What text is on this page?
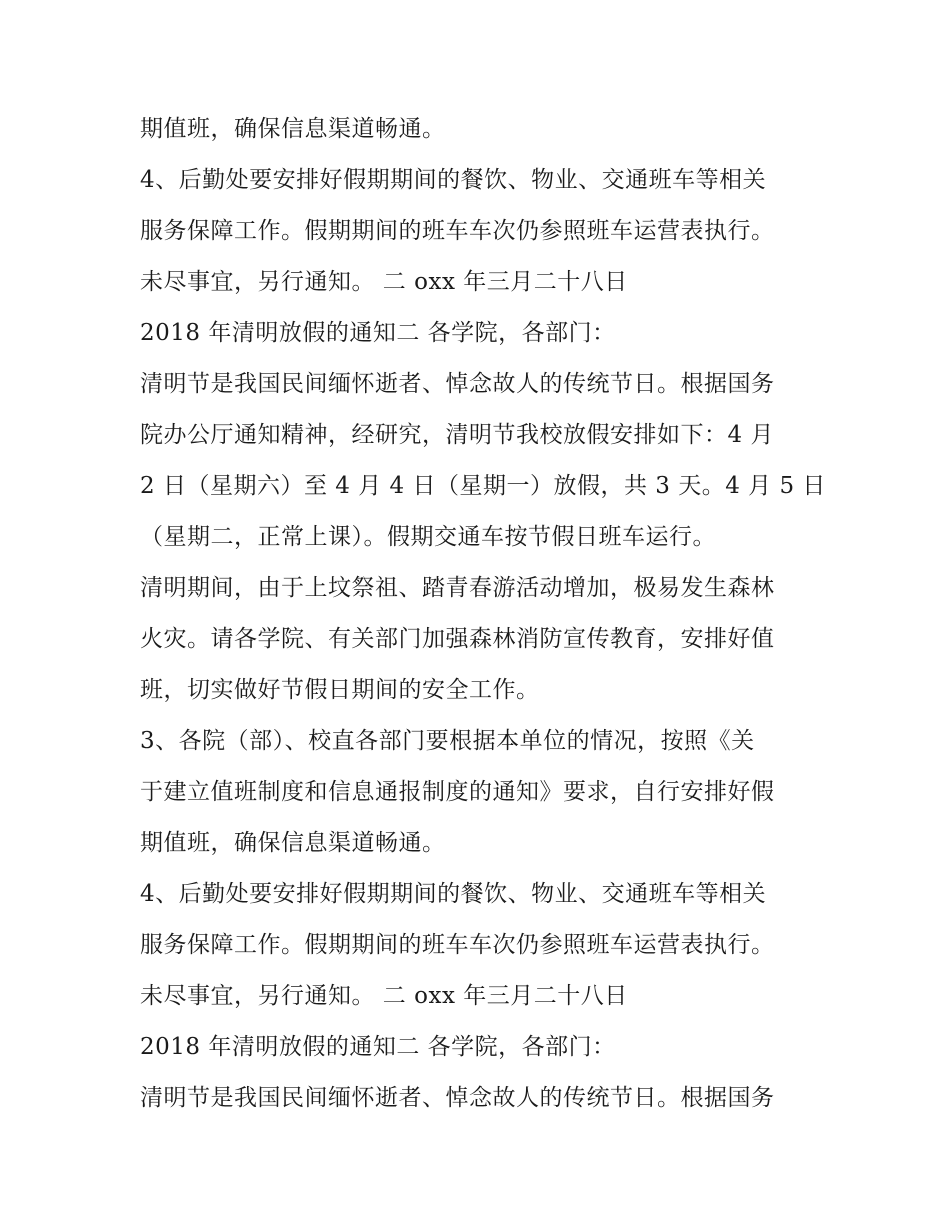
期值班，确保信息渠道畅通。
4、后勤处要安排好假期期间的餐饮、物业、交通班车等相关
服务保障工作。假期期间的班车车次仍参照班车运营表执行。
未尽事宜，另行通知。 二 oxx 年三月二十八日
2018 年清明放假的通知二 各学院，各部门：
清明节是我国民间缅怀逝者、悼念故人的传统节日。根据国务
院办公厅通知精神，经研究，清明节我校放假安排如下：4 月
2 日（星期六）至 4 月 4 日（星期一）放假，共 3 天。4 月 5 日
（星期二，正常上课）。假期交通车按节假日班车运行。
清明期间，由于上坟祭祖、踏青春游活动增加，极易发生森林
火灾。请各学院、有关部门加强森林消防宣传教育，安排好值
班，切实做好节假日期间的安全工作。
3、各院（部）、校直各部门要根据本单位的情况，按照《关
于建立值班制度和信息通报制度的通知》要求，自行安排好假
期值班，确保信息渠道畅通。
4、后勤处要安排好假期期间的餐饮、物业、交通班车等相关
服务保障工作。假期期间的班车车次仍参照班车运营表执行。
未尽事宜，另行通知。 二 oxx 年三月二十八日
2018 年清明放假的通知二 各学院，各部门：
清明节是我国民间缅怀逝者、悼念故人的传统节日。根据国务
